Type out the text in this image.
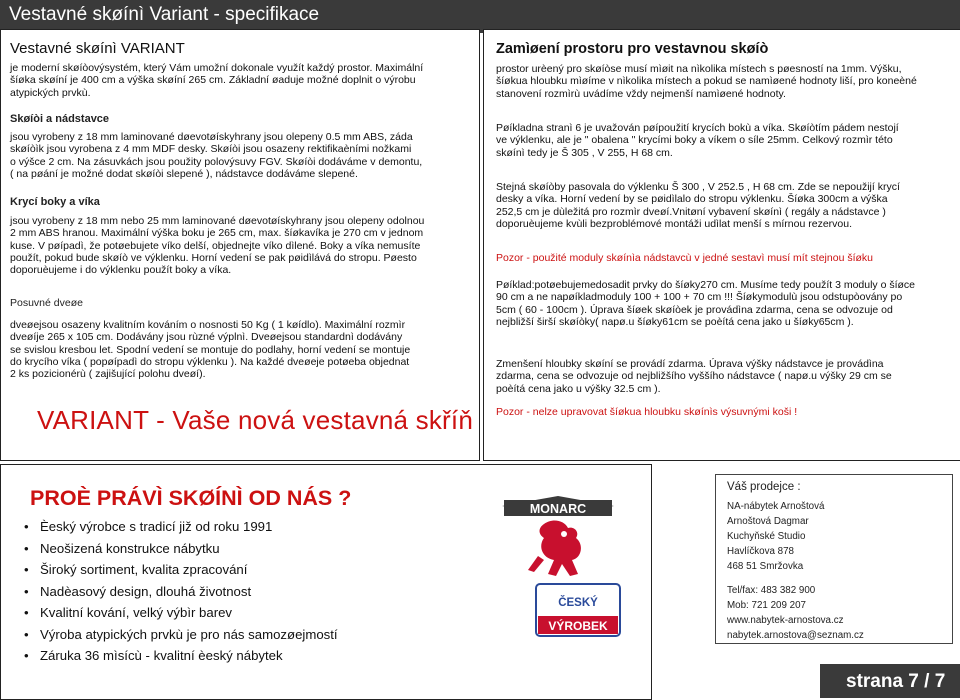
Vestavné skøínì Variant - specifikace
Vestavné skøínì VARIANT
je moderní skøíòovýsystém, který Vám umožní dokonale využít každý prostor. Maximální
šíøka skøíní je 400 cm a výška skøíní 265 cm. Základní øaduje možné doplnit o výrobu
atypických prvkù.
Skøíòi a nádstavce
jsou vyrobeny z 18 mm laminované døevotøískyhrany jsou olepeny 0.5 mm ABS, záda
skøíòìk jsou vyrobena z 4 mm MDF desky. Skøíòi jsou osazeny rektifikaèními nožkami
o výšce 2 cm. Na zásuvkách jsou použity polovýsuvy FGV. Skøíòi dodáváme v demontu,
( na pøání je možné dodat skøíòi slepené ), nádstavce dodáváme slepené.
Krycí boky a víka
jsou vyrobeny z 18 mm nebo 25 mm laminované døevotøískyhrany jsou olepeny odolnou
2 mm ABS hranou. Maximální výška boku je 265 cm, max. šíøkavíka je 270 cm v jednom
kuse. V pøípadì, že potøebujete víko delší, objednejte víko dìlené. Boky a víka nemusíte
použít, pokud bude skøíò ve výklenku. Horní vedení se pak pøidìlává do stropu. Pøesto
doporuèujeme i do výklenku použít boky a víka.
Posuvné dveøe
dveøejsou osazeny kvalitním kováním o nosnosti 50 Kg ( 1 køídlo). Maximální rozmìr
dveøíje 265 x 105 cm. Dodávány jsou rùzné výplnì. Dveøejsou standardnì dodávány
se svislou kresbou let. Spodní vedení se montuje do podlahy, horní vedení se montuje
do krycího víka ( popøípadì do stropu výklenku ). Na každé dveøeje potøeba objednat
2 ks pozicionérù ( zajišující polohu dveøí).
VARIANT - Vaše nová vestavná skříň
Zamìøení prostoru pro vestavnou skøíò
prostor urèený pro skøíòse musí mìøit na nìkolika místech s pøesností na 1mm. Výšku,
šíøkua hloubku mìøíme v nìkolika místech a pokud se namìøené hodnoty liší, pro koneèné
stanovení rozmìrù uvádíme vždy nejmenší namìøené hodnoty.
Pøíkladna stranì 6 je uvažován pøípoužití krycích bokù a víka. Skøíòtím pádem nestojí
ve výklenku, ale je " obalena " krycími boky a víkem o síle 25mm. Celkový rozmìr této
skøínì tedy je Š 305 , V 255, H 68 cm.
Stejná skøíòby pasovala do výklenku Š 300 , V 252.5 , H 68 cm. Zde se nepoužijí krycí
desky a víka. Horní vedení by se pøidìlalo do stropu výklenku. Šíøka 300cm a výška
252,5 cm je dùležitá pro rozmìr dveøí.Vnitøní vybavení skøínì ( regály a nádstavce )
doporuèujeme kvùli bezproblémové montáži udìlat menší s mírnou rezervou.
Pozor - použité moduly skøínìa nádstavcù v jedné sestavì musí mít stejnou šíøku
Pøíklad:potøebujemedosadit prvky do šíøky270 cm. Musíme tedy použít 3 moduly o šíøce
90 cm a ne napøíkladmoduly 100 + 100 + 70 cm !!! Šíøkymodulù jsou odstupòovány po
5cm ( 60 - 100cm ). Úprava šíøek skøíòek je provádìna zdarma, cena se odvozuje od
nejbližší širší skøíòky( napø.u šíøky61cm se poèítá cena jako u šíøky65cm ).
Zmenšení hloubky skøíní se provádí zdarma. Úprava výšky nádstavce je provádìna
zdarma, cena se odvozuje od nejbližšího vyššího nádstavce ( napø.u výšky 29 cm se
poèítá cena jako u výšky 32.5 cm ).
Pozor - nelze upravovat šíøkua hloubku skøínìs výsuvnými koši !
PROÈ PRÁVÌ SKØÍNÌ OD NÁS ?
• Èeský výrobce s tradicí již od roku 1991
• Neošizená konstrukce nábytku
• Široký sortiment, kvalita zpracování
• Nadèasový design, dlouhá životnost
• Kvalitní kování, velký výbìr barev
• Výroba atypických prvkù je pro nás samozøejmostí
• Záruka 36 mìsícù - kvalitní èeský nábytek
MONARC
ČESKÝ
VÝROBEK
Váš prodejce :
NA-nábytek Arnoštová
Arnoštová Dagmar
Kuchyňské Studio
Havlíčkova 878
468 51 Smržovka
Tel/fax: 483 382 900
Mob: 721 209 207
www.nabytek-arnostova.cz
nabytek.arnostova@seznam.cz
strana 7 / 7
